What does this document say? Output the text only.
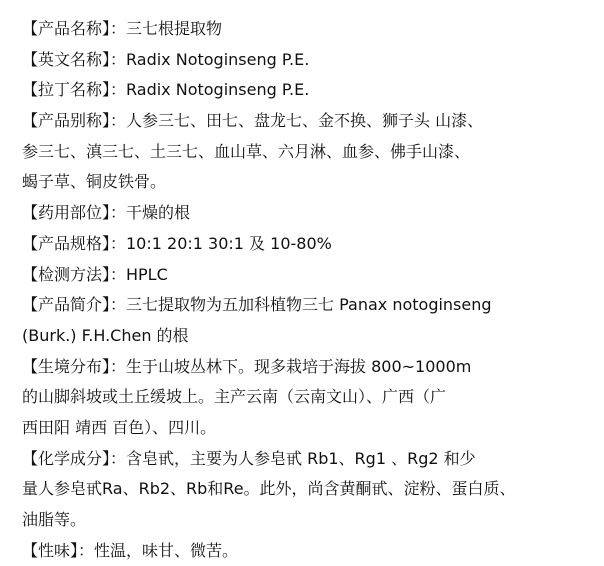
【产品名称】：三七根提取物
【英文名称】：Radix Notoginseng P.E.
【拉丁名称】：Radix Notoginseng P.E.
【产品别称】：人参三七、田七、盘龙七、金不换、狮子头 山漆、
参三七、滇三七、土三七、血山草、六月淋、血参、佛手山漆、
蝎子草、铜皮铁骨。
【药用部位】：干燥的根
【产品规格】：10:1 20:1 30:1 及 10-80%
【检测方法】：HPLC
【产品简介】：三七提取物为五加科植物三七 Panax notoginseng
(Burk.) F.H.Chen 的根
【生境分布】：生于山坡丛林下。现多栽培于海拔 800~1000m
的山脚斜坡或土丘缓坡上。主产云南（云南文山）、广西（广
西田阳 靖西 百色）、四川。
【化学成分】：含皂甙，主要为人参皂甙 Rb1、Rg1 、Rg2 和少
量人参皂甙Ra、Rb2、Rb和Re。此外，尚含黄酮甙、淀粉、蛋白质、
油脂等。
【性味】：性温，味甘、微苦。
